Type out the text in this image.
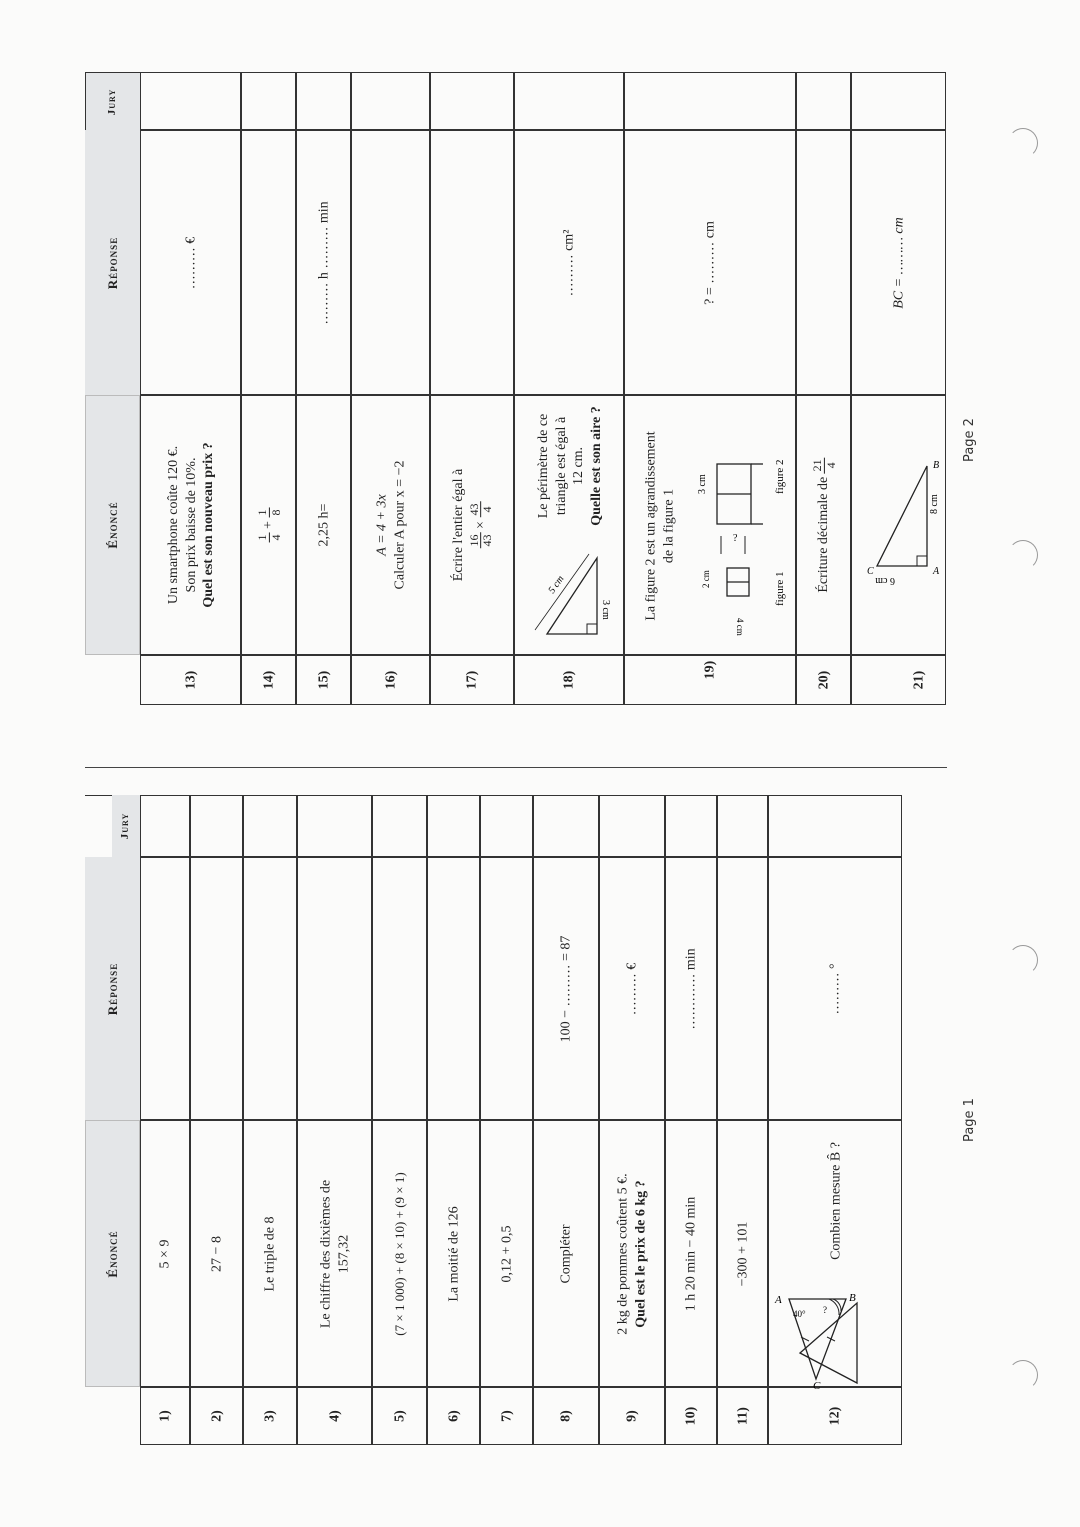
Énoncé
Réponse
Jury
1)
5 × 9
2)
27 − 8
3)
Le triple de 8
4)
Le chiffre des dixièmes de 157,32
5)
(7 × 1 000) + (8 × 10) + (9 × 1)
6)
La moitié de 126
7)
0,12 + 0,5
8)
Compléter
100 − ……… = 87
9)
2 kg de pommes coûtent 5 €. Quel est le prix de 6 kg ?
……… €
10)
1 h 20 min − 40 min
………… min
11)
−300 + 101
12)
Combien mesure B̂ ?
A	B
C
40° ?
……… °
Page 1
Énoncé
Réponse
Jury
13)
Un smartphone coûte 120 €. Son prix baisse de 10%. Quel est son nouveau prix ?
……… €
14)
1 4
+
1 8
15)
2,25 h=
……… h ……… min
16)
A = 4 + 3x Calculer A pour x = −2
17)
Écrire l'entier égal à 16 43
×
43 4
18)
Le périmètre de ce triangle est égal à 12 cm. Quelle est son aire ?
5 cm
3 cm
……… cm²
19)
La figure 2 est un agrandissement de la figure 1
3 cm
?
figure 2
2 cm
4 cm
figure 1
? = ……… cm
20)
Écriture décimale de
21 4
21)
B
A
C
8 cm
6 cm
BC = ……… cm
Page 2
